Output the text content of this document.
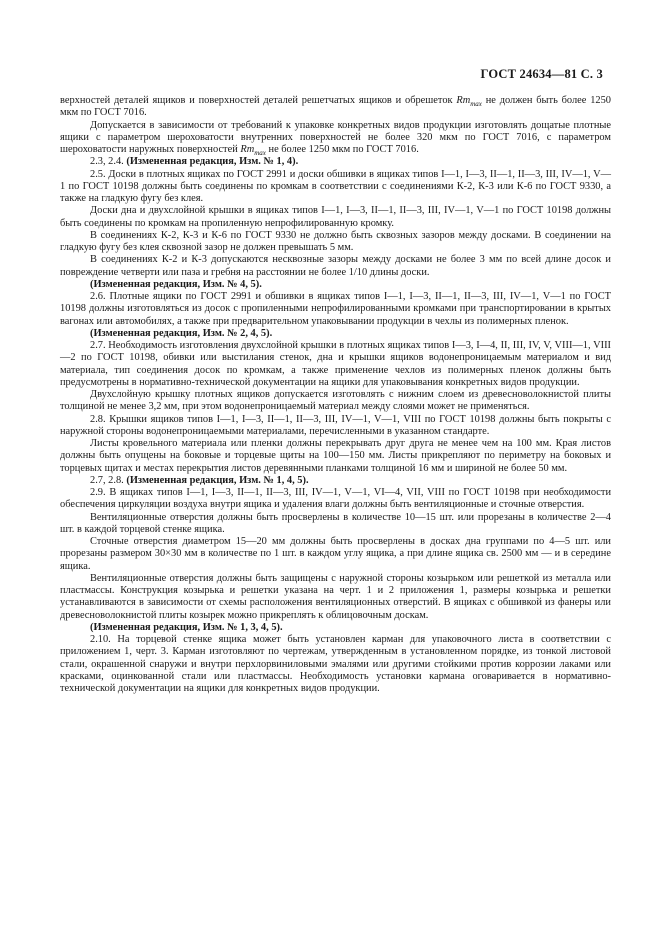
ГОСТ 24634—81 С. 3

верхностей деталей ящиков и поверхностей деталей решетчатых ящиков и обрешеток $Rm_{max}$ не должен быть более 1250 мкм по ГОСТ 7016.

Допускается в зависимости от требований к упаковке конкретных видов продукции изготовлять дощатые плотные ящики с параметром шероховатости внутренних поверхностей не более 320 мкм по ГОСТ 7016, с параметром шероховатости наружных поверхностей $Rm_{max}$ не более 1250 мкм по ГОСТ 7016.

2.3, 2.4. (Измененная редакция, Изм. № 1, 4).

2.5. Доски в плотных ящиках по ГОСТ 2991 и доски обшивки в ящиках типов I—1, I—3, II—1, II—3, III, IV—1, V—1 по ГОСТ 10198 должны быть соединены по кромкам в соответствии с соединениями К-2, К-3 или К-6 по ГОСТ 9330, а также на гладкую фугу без клея.

Доски дна и двухслойной крышки в ящиках типов I—1, I—3, II—1, II—3, III, IV—1, V—1 по ГОСТ 10198 должны быть соединены по кромкам на пропиленную непрофилированную кромку.

В соединениях К-2, К-3 и К-6 по ГОСТ 9330 не должно быть сквозных зазоров между досками. В соединении на гладкую фугу без клея сквозной зазор не должен превышать 5 мм.

В соединениях К-2 и К-3 допускаются несквозные зазоры между досками не более 3 мм по всей длине досок и повреждение четверти или паза и гребня на расстоянии не более 1/10 длины доски.

(Измененная редакция, Изм. № 4, 5).

2.6. Плотные ящики по ГОСТ 2991 и обшивки в ящиках типов I—1, I—3, II—1, II—3, III, IV—1, V—1 по ГОСТ 10198 должны изготовляться из досок с пропиленными непрофилированными кромками при транспортировании в крытых вагонах или автомобилях, а также при предварительном упаковывании продукции в чехлы из полимерных пленок.

(Измененная редакция, Изм. № 2, 4, 5).

2.7. Необходимость изготовления двухслойной крышки в плотных ящиках типов I—3, I—4, II, III, IV, V, VIII—1, VIII—2 по ГОСТ 10198, обивки или выстилания стенок, дна и крышки ящиков водонепроницаемым материалом и вид материала, тип соединения досок по кромкам, а также применение чехлов из полимерных пленок должны быть предусмотрены в нормативно-технической документации на ящики для упаковывания конкретных видов продукции.

Двухслойную крышку плотных ящиков допускается изготовлять с нижним слоем из древесноволокнистой плиты толщиной не менее 3,2 мм, при этом водонепроницаемый материал между слоями может не применяться.

2.8. Крышки ящиков типов I—1, I—3, II—1, II—3, III, IV—1, V—1, VIII по ГОСТ 10198 должны быть покрыты с наружной стороны водонепроницаемыми материалами, перечисленными в указанном стандарте.

Листы кровельного материала или пленки должны перекрывать друг друга не менее чем на 100 мм. Края листов должны быть опущены на боковые и торцевые щиты на 100—150 мм. Листы прикрепляют по периметру на боковых и торцевых щитах и местах перекрытия листов деревянными планками толщиной 16 мм и шириной не более 50 мм.

2.7, 2.8. (Измененная редакция, Изм. № 1, 4, 5).

2.9. В ящиках типов I—1, I—3, II—1, II—3, III, IV—1, V—1, VI—4, VII, VIII по ГОСТ 10198 при необходимости обеспечения циркуляции воздуха внутри ящика и удаления влаги должны быть вентиляционные и сточные отверстия.

Вентиляционные отверстия должны быть просверлены в количестве 10—15 шт. или прорезаны в количестве 2—4 шт. в каждой торцевой стенке ящика.

Сточные отверстия диаметром 15—20 мм должны быть просверлены в досках дна группами по 4—5 шт. или прорезаны размером 30×30 мм в количестве по 1 шт. в каждом углу ящика, а при длине ящика св. 2500 мм — и в середине ящика.

Вентиляционные отверстия должны быть защищены с наружной стороны козырьком или решеткой из металла или пластмассы. Конструкция козырька и решетки указана на черт. 1 и 2 приложения 1, размеры козырька и решетки устанавливаются в зависимости от схемы расположения вентиляционных отверстий. В ящиках с обшивкой из фанеры или древесноволокнистой плиты козырек можно прикреплять к облицовочным доскам.

(Измененная редакция, Изм. № 1, 3, 4, 5).

2.10. На торцевой стенке ящика может быть установлен карман для упаковочного листа в соответствии с приложением 1, черт. 3. Карман изготовляют по чертежам, утвержденным в установленном порядке, из тонкой листовой стали, окрашенной снаружи и внутри перхлорвиниловыми эмалями или другими стойкими против коррозии лаками или красками, оцинкованной стали или пластмассы. Необходимость установки кармана оговаривается в нормативно-технической документации на ящики для конкретных видов продукции.
